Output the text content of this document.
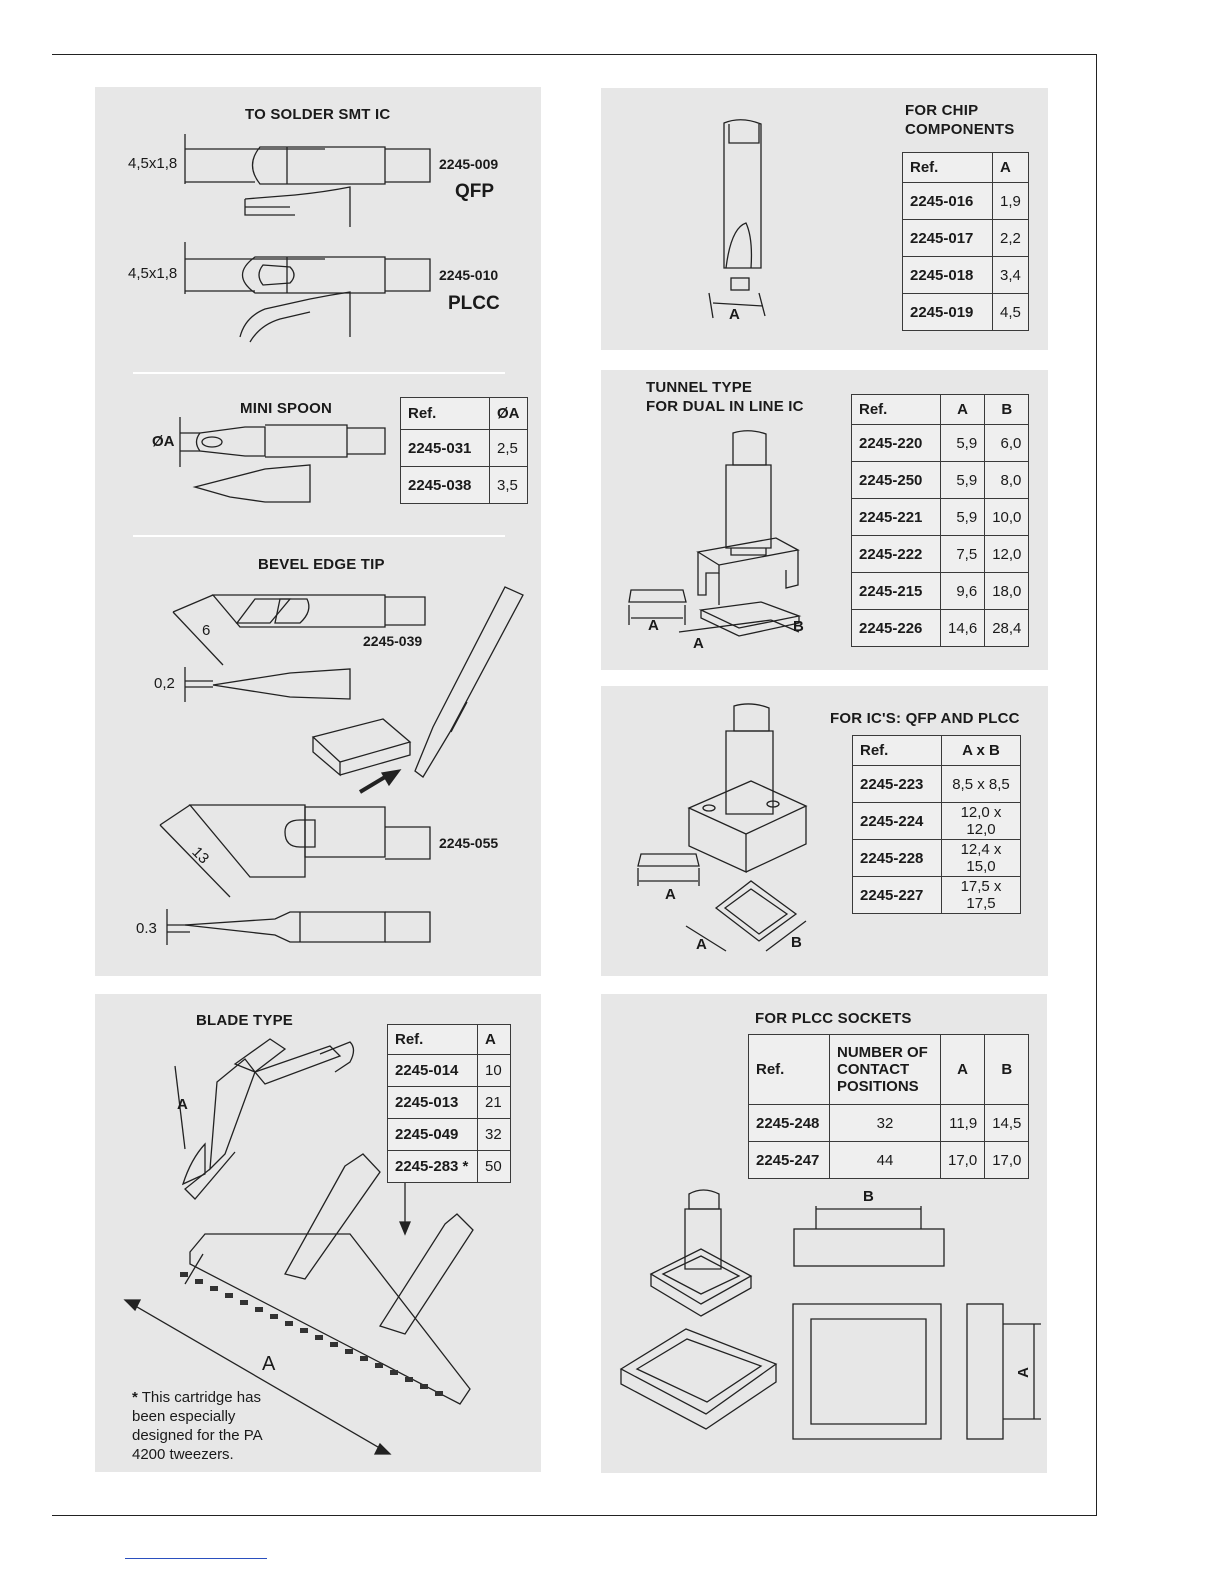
TO SOLDER SMT IC
4,5x1,8	2245-009
QFP
4,5x1,8	2245-010
PLCC
MINI SPOON
ØA
Ref.	ØA
2245-031	2,5
2245-038	3,5
BEVEL EDGE TIP
6
2245-039
0,2
13
2245-055
0.3
FOR CHIP
COMPONENTS
A
Ref.	A
2245-016	1,9
2245-017	2,2
2245-018	3,4
2245-019	4,5
TUNNEL TYPE
FOR DUAL IN LINE IC
A
A
B
Ref.	A	B
2245-220	5,9	6,0
2245-250	5,9	8,0
2245-221	5,9	10,0
2245-222	7,5	12,0
2245-215	9,6	18,0
2245-226	14,6	28,4
FOR IC'S: QFP AND PLCC
A
A	B
Ref.	A x B
2245-223	8,5 x 8,5
2245-224	12,0 x 12,0
2245-228	12,4 x 15,0
2245-227	17,5 x 17,5
BLADE TYPE
A
A
Ref.	A
2245-014	10
2245-013	21
2245-049	32
2245-283 *	50
* This cartridge has been especially designed for the PA 4200 tweezers.
FOR PLCC SOCKETS
B
A
Ref.	NUMBER OF CONTACT POSITIONS	A	B
2245-248	32	11,9	14,5
2245-247	44	17,0	17,0
